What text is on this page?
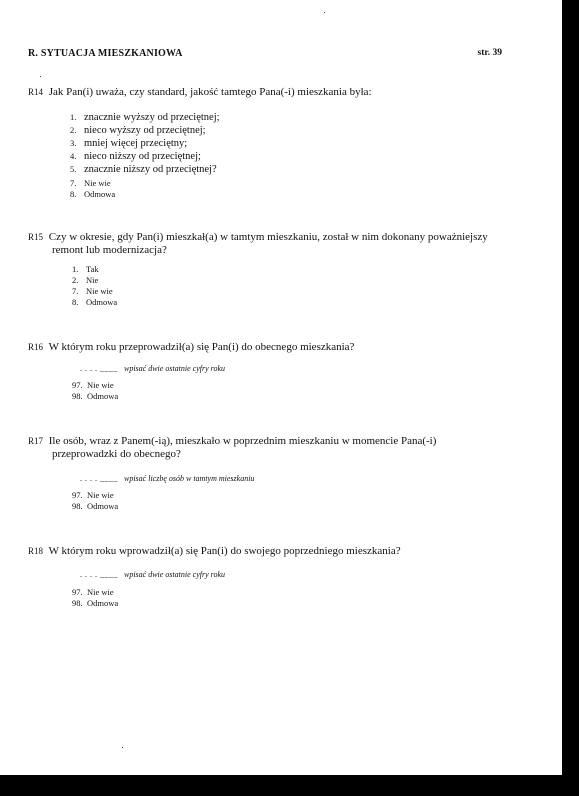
R. SYTUACJA MIESZKANIOWA	str. 39
R14 Jak Pan(i) uważa, czy standard, jakość tamtego Pana(-i) mieszkania była:
1. znacznie wyższy od przeciętnej;
2. nieco wyższy od przeciętnej;
3. mniej więcej przeciętny;
4. nieco niższy od przeciętnej;
5. znacznie niższy od przeciętnej?
7. Nie wie
8. Odmowa
R15 Czy w okresie, gdy Pan(i) mieszkał(a) w tamtym mieszkaniu, został w nim dokonany poważniejszy remont lub modernizacja?
1. Tak
2. Nie
7. Nie wie
8. Odmowa
R16 W którym roku przeprowadził(a) się Pan(i) do obecnego mieszkania?
. . . . ____ wpisać dwie ostatnie cyfry roku
97. Nie wie
98. Odmowa
R17 Ile osób, wraz z Panem(-ią), mieszkało w poprzednim mieszkaniu w momencie Pana(-i) przeprowadzki do obecnego?
. . . . ____ wpisać liczbę osób w tamtym mieszkaniu
97. Nie wie
98. Odmowa
R18 W którym roku wprowadził(a) się Pan(i) do swojego poprzedniego mieszkania?
. . . . ____ wpisać dwie ostatnie cyfry roku
97. Nie wie
98. Odmowa
